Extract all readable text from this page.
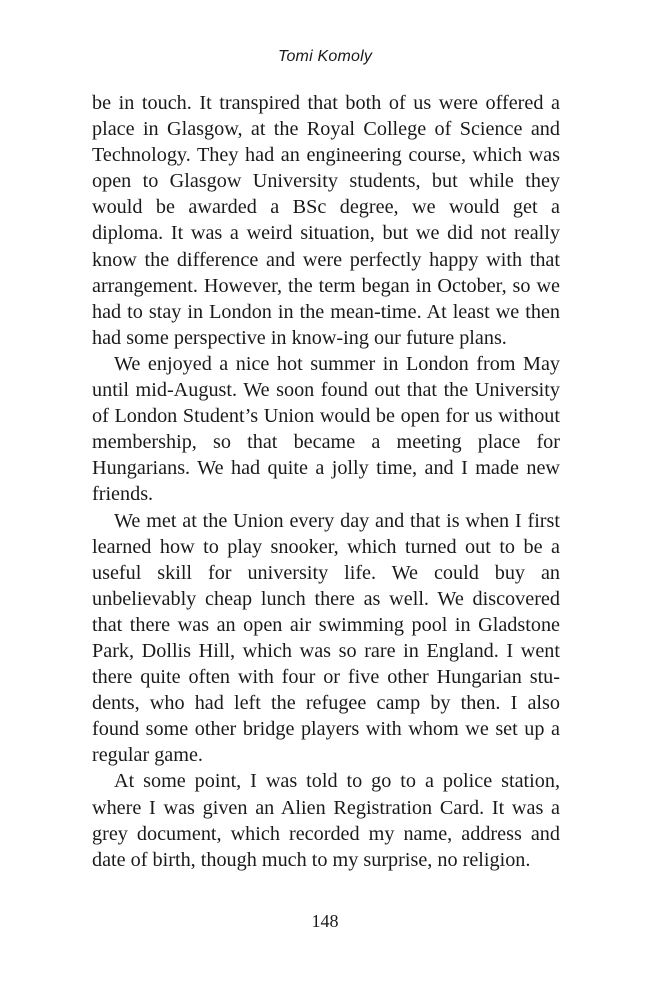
Tomi Komoly

be in touch. It transpired that both of us were offered a place in Glasgow, at the Royal College of Science and Technology. They had an engineering course, which was open to Glasgow University students, but while they would be awarded a BSc degree, we would get a diploma. It was a weird situation, but we did not really know the difference and were perfectly happy with that arrangement. However, the term began in October, so we had to stay in London in the mean-time. At least we then had some perspective in know-ing our future plans.

We enjoyed a nice hot summer in London from May until mid-August. We soon found out that the University of London Student’s Union would be open for us without membership, so that became a meeting place for Hungarians. We had quite a jolly time, and I made new friends.

We met at the Union every day and that is when I first learned how to play snooker, which turned out to be a useful skill for university life. We could buy an unbelievably cheap lunch there as well. We discovered that there was an open air swimming pool in Gladstone Park, Dollis Hill, which was so rare in England. I went there quite often with four or five other Hungarian stu-dents, who had left the refugee camp by then. I also found some other bridge players with whom we set up a regular game.

At some point, I was told to go to a police station, where I was given an Alien Registration Card. It was a grey document, which recorded my name, address and date of birth, though much to my surprise, no religion.

148
